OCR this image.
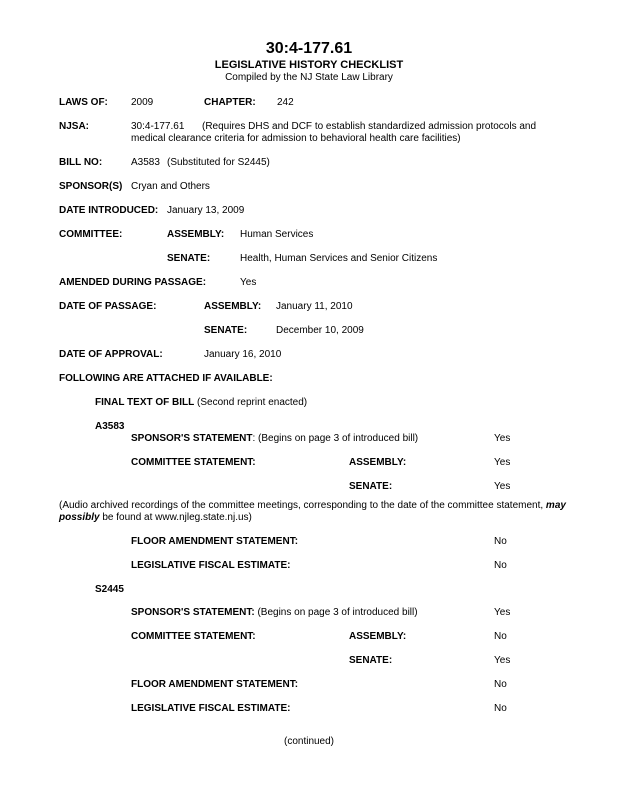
30:4-177.61
LEGISLATIVE HISTORY CHECKLIST
Compiled by the NJ State Law Library
LAWS OF: 2009	CHAPTER: 242
NJSA:	30:4-177.61	(Requires DHS and DCF to establish standardized admission protocols and medical clearance criteria for admission to behavioral health care facilities)
BILL NO:	A3583 (Substituted for S2445)
SPONSOR(S) Cryan and Others
DATE INTRODUCED: January 13, 2009
COMMITTEE:	ASSEMBLY: Human Services
SENATE:	Health, Human Services and Senior Citizens
AMENDED DURING PASSAGE:	Yes
DATE OF PASSAGE:	ASSEMBLY: January 11, 2010
SENATE:	December 10, 2009
DATE OF APPROVAL:	January 16, 2010
FOLLOWING ARE ATTACHED IF AVAILABLE:
FINAL TEXT OF BILL (Second reprint enacted)
A3583
SPONSOR'S STATEMENT: (Begins on page 3 of introduced bill)	Yes
COMMITTEE STATEMENT:	ASSEMBLY:	Yes
SENATE:	Yes
(Audio archived recordings of the committee meetings, corresponding to the date of the committee statement, may possibly be found at www.njleg.state.nj.us)
FLOOR AMENDMENT STATEMENT:	No
LEGISLATIVE FISCAL ESTIMATE:	No
S2445
SPONSOR'S STATEMENT: (Begins on page 3 of introduced bill)	Yes
COMMITTEE STATEMENT:	ASSEMBLY:	No
SENATE:	Yes
FLOOR AMENDMENT STATEMENT:	No
LEGISLATIVE FISCAL ESTIMATE:	No
(continued)
